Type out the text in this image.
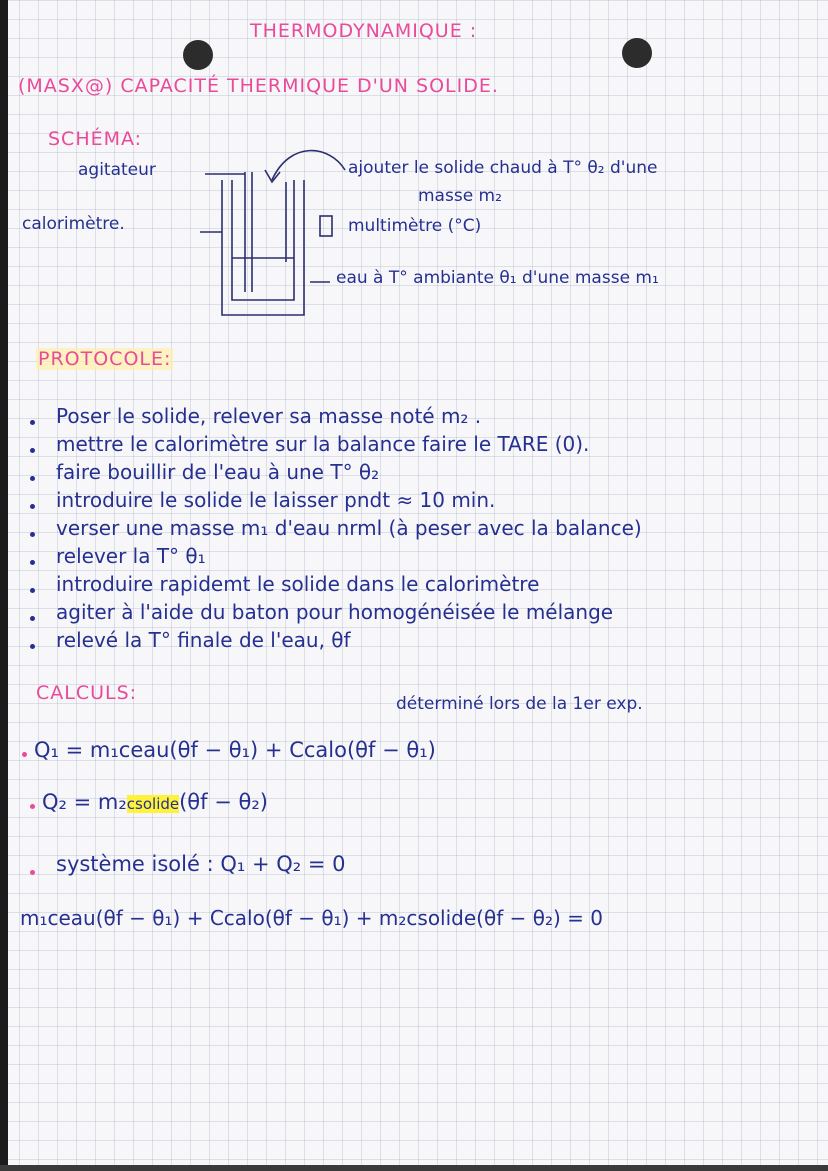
THERMODYNAMIQUE :
(MASX@) CAPACITÉ THERMIQUE D'UN SOLIDE.
SCHÉMA:
agitateur
calorimètre.
ajouter le solide chaud à T° θ₂ d'une
masse m₂
multimètre (°C)
eau à T° ambiante θ₁ d'une masse m₁
PROTOCOLE:
Poser le solide, relever sa masse noté m₂ .
mettre le calorimètre sur la balance faire le TARE (0).
faire bouillir de l'eau à une T° θ₂
introduire le solide le laisser pndt ≈ 10 min.
verser une masse m₁ d'eau nrml (à peser avec la balance)
relever la T° θ₁
introduire rapidemt le solide dans le calorimètre
agiter à l'aide du baton pour homogénéisée le mélange
relevé la T° finale de l'eau, θf
CALCULS:	déterminé lors de la 1er exp.
Q₁ = m₁ceau(θf − θ₁) + Ccalo(θf − θ₁)
Q₂ = m₂csolide(θf − θ₂)
système isolé : Q₁ + Q₂ = 0
m₁ceau(θf − θ₁) + Ccalo(θf − θ₁) + m₂csolide(θf − θ₂) = 0
